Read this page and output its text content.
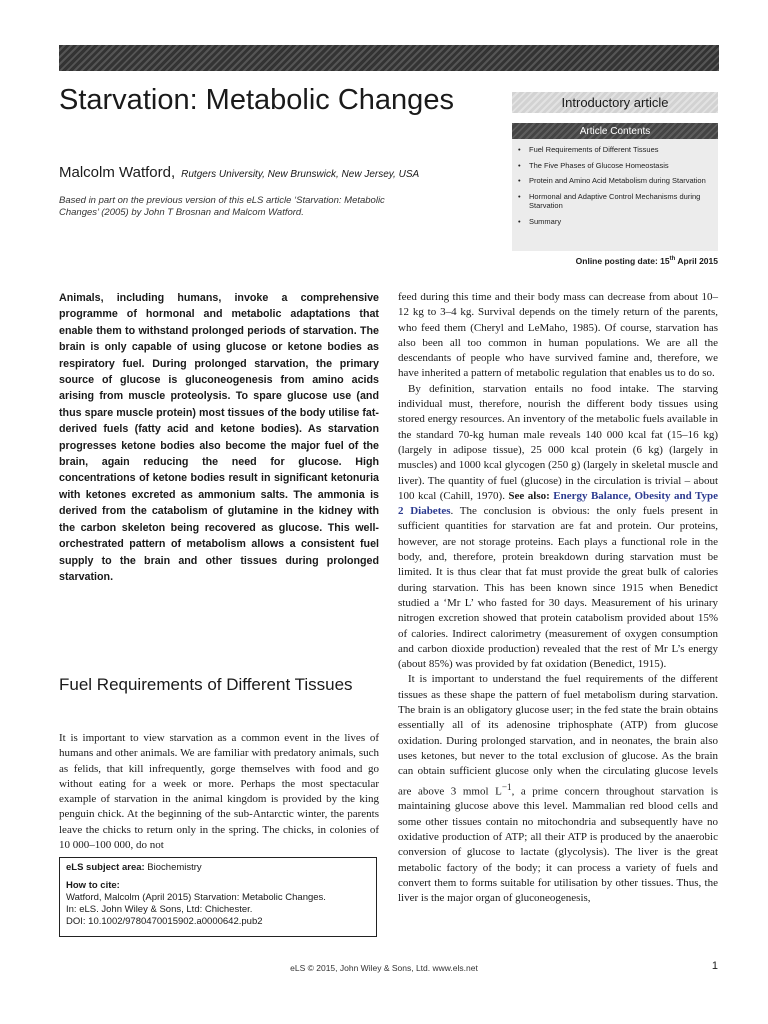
Starvation: Metabolic Changes
Malcolm Watford, Rutgers University, New Brunswick, New Jersey, USA
Based in part on the previous version of this eLS article ‘Starvation: Metabolic Changes’ (2005) by John T Brosnan and Malcom Watford.
Introductory article
Article Contents
• Fuel Requirements of Different Tissues
• The Five Phases of Glucose Homeostasis
• Protein and Amino Acid Metabolism during Starvation
• Hormonal and Adaptive Control Mechanisms during Starvation
• Summary
Online posting date: 15th April 2015

Animals, including humans, invoke a comprehensive programme of hormonal and metabolic adaptations that enable them to withstand prolonged periods of starvation. The brain is only capable of using glucose or ketone bodies as respiratory fuel. During prolonged starvation, the primary source of glucose is gluconeogenesis from amino acids arising from muscle proteolysis. To spare glucose use (and thus spare muscle protein) most tissues of the body utilise fat-derived fuels (fatty acid and ketone bodies). As starvation progresses ketone bodies also become the major fuel of the brain, again reducing the need for glucose. High concentrations of ketone bodies result in significant ketonuria with ketones excreted as ammonium salts. The ammonia is derived from the catabolism of glutamine in the kidney with the carbon skeleton being recovered as glucose. This well-orchestrated pattern of metabolism allows a consistent fuel supply to the brain and other tissues during prolonged starvation.

Fuel Requirements of Different Tissues

It is important to view starvation as a common event in the lives of humans and other animals. We are familiar with predatory animals, such as felids, that kill infrequently, gorge themselves with food and go without eating for a week or more. Perhaps the most spectacular example of starvation in the animal kingdom is provided by the king penguin chick. At the beginning of the sub-Antarctic winter, the parents leave the chicks to return only in the spring. The chicks, in colonies of 10 000–100 000, do not

eLS subject area: Biochemistry
How to cite:
Watford, Malcolm (April 2015) Starvation: Metabolic Changes.
In: eLS. John Wiley & Sons, Ltd: Chichester.
DOI: 10.1002/9780470015902.a0000642.pub2

feed during this time and their body mass can decrease from about 10–12 kg to 3–4 kg. Survival depends on the timely return of the parents, who feed them (Cheryl and LeMaho, 1985). Of course, starvation has also been all too common in human populations. We are all the descendants of people who have survived famine and, therefore, we have inherited a pattern of metabolic regulation that enables us to do so.

By definition, starvation entails no food intake. The starving individual must, therefore, nourish the different body tissues using stored energy resources. An inventory of the metabolic fuels available in the standard 70-kg human male reveals 140 000 kcal fat (15–16 kg) (largely in adipose tissue), 25 000 kcal protein (6 kg) (largely in muscles) and 1000 kcal glycogen (250 g) (largely in skeletal muscle and liver). The quantity of fuel (glucose) in the circulation is trivial – about 100 kcal (Cahill, 1970). See also: Energy Balance, Obesity and Type 2 Diabetes. The conclusion is obvious: the only fuels present in sufficient quantities for starvation are fat and protein. Our proteins, however, are not storage proteins. Each plays a functional role in the body, and, therefore, protein breakdown during starvation must be limited. It is thus clear that fat must provide the great bulk of calories during starvation. This has been known since 1915 when Benedict studied a ‘Mr L’ who fasted for 30 days. Measurement of his urinary nitrogen excretion showed that protein catabolism provided about 15% of calories. Indirect calorimetry (measurement of oxygen consumption and carbon dioxide production) revealed that the rest of Mr L’s energy (about 85%) was provided by fat oxidation (Benedict, 1915).

It is important to understand the fuel requirements of the different tissues as these shape the pattern of fuel metabolism during starvation. The brain is an obligatory glucose user; in the fed state the brain obtains essentially all of its adenosine triphosphate (ATP) from glucose oxidation. During prolonged starvation, and in neonates, the brain also uses ketones, but never to the total exclusion of glucose. As the brain can obtain sufficient glucose only when the circulating glucose levels are above 3 mmol $L^{-1}$, a prime concern throughout starvation is maintaining glucose above this level. Mammalian red blood cells and some other tissues contain no mitochondria and subsequently have no oxidative production of ATP; all their ATP is produced by the anaerobic conversion of glucose to lactate (glycolysis). The liver is the great metabolic factory of the body; it can process a variety of fuels and convert them to forms suitable for utilisation by other tissues. Thus, the liver is the major organ of gluconeogenesis,

eLS © 2015, John Wiley & Sons, Ltd. www.els.net	1
